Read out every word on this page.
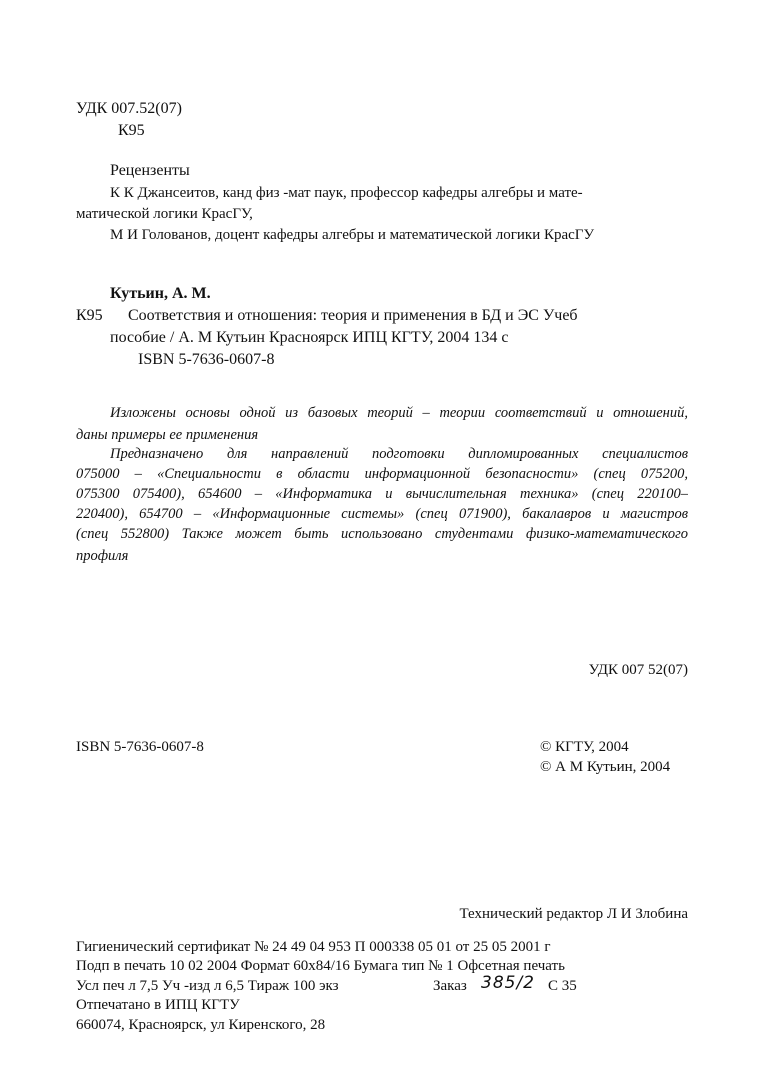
УДК 007.52(07)
К95
Рецензенты
К К Джансеитов, канд физ -мат паук, профессор кафедры алгебры и мате-
матической логики КрасГУ,
М И Голованов, доцент кафедры алгебры и математической логики КрасГУ
Кутьин, А. М.
К95 Соответствия и отношения: теория и применения в БД и ЭС Учеб
пособие / А. М Кутьин Красноярск ИПЦ КГТУ, 2004 134 с
ISBN 5-7636-0607-8
Изложены основы одной из базовых теорий – теории соответствий и отношений,
даны примеры ее применения
Предназначено для направлений подготовки дипломированных специалистов
075000 – «Специальности в области информационной безопасности» (спец 075200,
075300 075400), 654600 – «Информатика и вычислительная техника» (спец 220100–
220400), 654700 – «Информационные системы» (спец 071900), бакалавров и магистров
(спец 552800) Также может быть использовано студентами физико-математического
профиля
УДК 007 52(07)
ISBN 5-7636-0607-8	© КГТУ, 2004
© А М Кутьин, 2004
Технический редактор Л И Злобина
Гигиенический сертификат № 24 49 04 953 П 000338 05 01 от 25 05 2001 г
Подп в печать 10 02 2004 Формат 60х84/16 Бумага тип № 1 Офсетная печать
Усл печ л 7,5 Уч -изд л 6,5 Тираж 100 экз	Заказ 385/2 С 35
Отпечатано в ИПЦ КГТУ
660074, Красноярск, ул Киренского, 28
